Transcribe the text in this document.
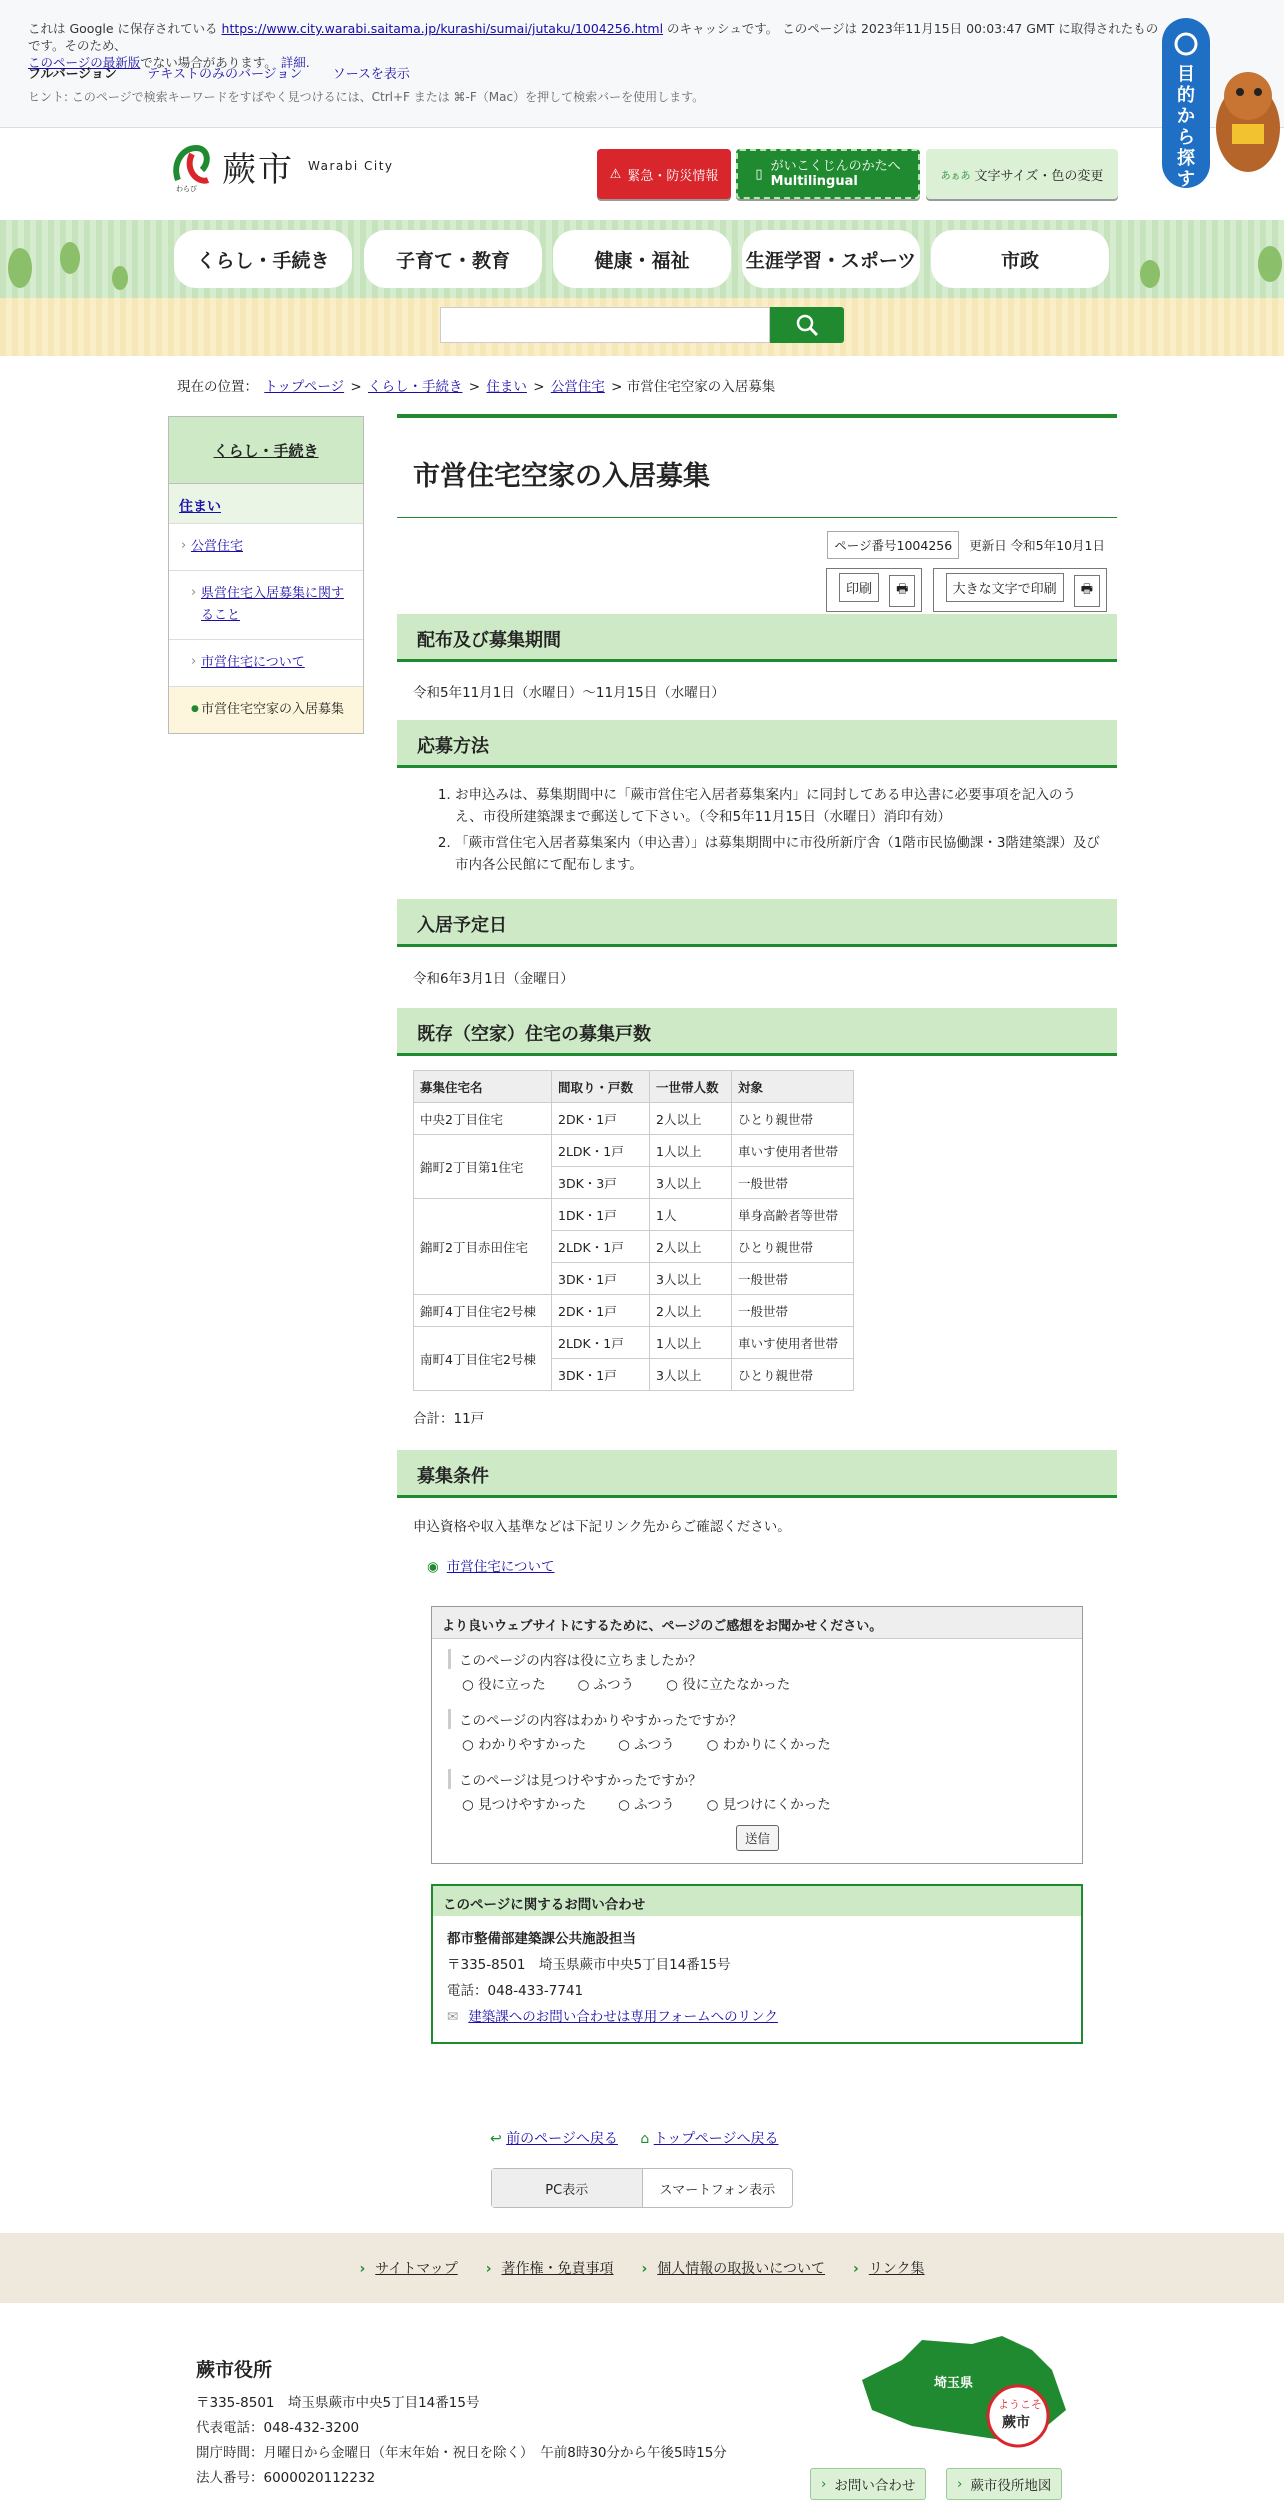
これは Google に保存されている https://www.city.warabi.saitama.jp/kurashi/sumai/jutaku/1004256.html のキャッシュです。 このページは 2023年11月15日 00:03:47 GMT に取得されたものです。そのため、
このページの最新版でない場合があります。 詳細.
フルバージョン テキストのみのバージョン ソースを表示
ヒント: このページで検索キーワードをすばやく見つけるには、Ctrl+F または ⌘-F（Mac）を押して検索バーを使用します。
わらび 蕨市 Warabi City
⚠ 緊急・防災情報	▯ がいこくじんのかたへ
Multilingual	あぁあ 文字サイズ・色の変更
目的から探す
くらし・手続き	子育て・教育	健康・福祉	生涯学習・スポーツ	市政
現在の位置： トップページ > くらし・手続き > 住まい > 公営住宅 > 市営住宅空家の入居募集
くらし・手続き
住まい
› 公営住宅
› 県営住宅入居募集に関すること
› 市営住宅について
● 市営住宅空家の入居募集
市営住宅空家の入居募集
ページ番号1004256 更新日 令和5年10月1日
印刷 🖶	大きな文字で印刷 🖶
配布及び募集期間
令和5年11月1日（水曜日）～11月15日（水曜日）
応募方法
1. お申込みは、募集期間中に「蕨市営住宅入居者募集案内」に同封してある申込書に必要事項を記入のうえ、市役所建築課まで郵送して下さい。（令和5年11月15日（水曜日）消印有効）
2. 「蕨市営住宅入居者募集案内（申込書）」は募集期間中に市役所新庁舎（1階市民協働課・3階建築課）及び市内各公民館にて配布します。
入居予定日
令和6年3月1日（金曜日）
既存（空家）住宅の募集戸数
募集住宅名	間取り・戸数	一世帯人数	対象
中央2丁目住宅	2DK・1戸	2人以上	ひとり親世帯
錦町2丁目第1住宅	2LDK・1戸	1人以上	車いす使用者世帯
	3DK・3戸	3人以上	一般世帯
錦町2丁目赤田住宅	1DK・1戸	1人	単身高齢者等世帯
	2LDK・1戸	2人以上	ひとり親世帯
	3DK・1戸	3人以上	一般世帯
錦町4丁目住宅2号棟	2DK・1戸	2人以上	一般世帯
南町4丁目住宅2号棟	2LDK・1戸	1人以上	車いす使用者世帯
	3DK・1戸	3人以上	ひとり親世帯
合計：11戸
募集条件
申込資格や収入基準などは下記リンク先からご確認ください。
◉ 市営住宅について
より良いウェブサイトにするために、ページのご感想をお聞かせください。
このページの内容は役に立ちましたか？
○ 役に立った ○ ふつう ○ 役に立たなかった
このページの内容はわかりやすかったですか？
○ わかりやすかった ○ ふつう ○ わかりにくかった
このページは見つけやすかったですか？
○ 見つけやすかった ○ ふつう ○ 見つけにくかった
送信
このページに関するお問い合わせ
都市整備部建築課公共施設担当
〒335-8501　埼玉県蕨市中央5丁目14番15号
電話：048-433-7741
✉ 建築課へのお問い合わせは専用フォームへのリンク
↩ 前のページへ戻る ⌂ トップページへ戻る
PC表示	スマートフォン表示
› サイトマップ	› 著作権・免責事項	› 個人情報の取扱いについて	› リンク集
蕨市役所
〒335-8501　埼玉県蕨市中央5丁目14番15号
代表電話：048-432-3200
開庁時間：月曜日から金曜日（年末年始・祝日を除く）　午前8時30分から午後5時15分
法人番号：6000020112232
埼玉県
ようこそ
蕨市
› お問い合わせ	› 蕨市役所地図
